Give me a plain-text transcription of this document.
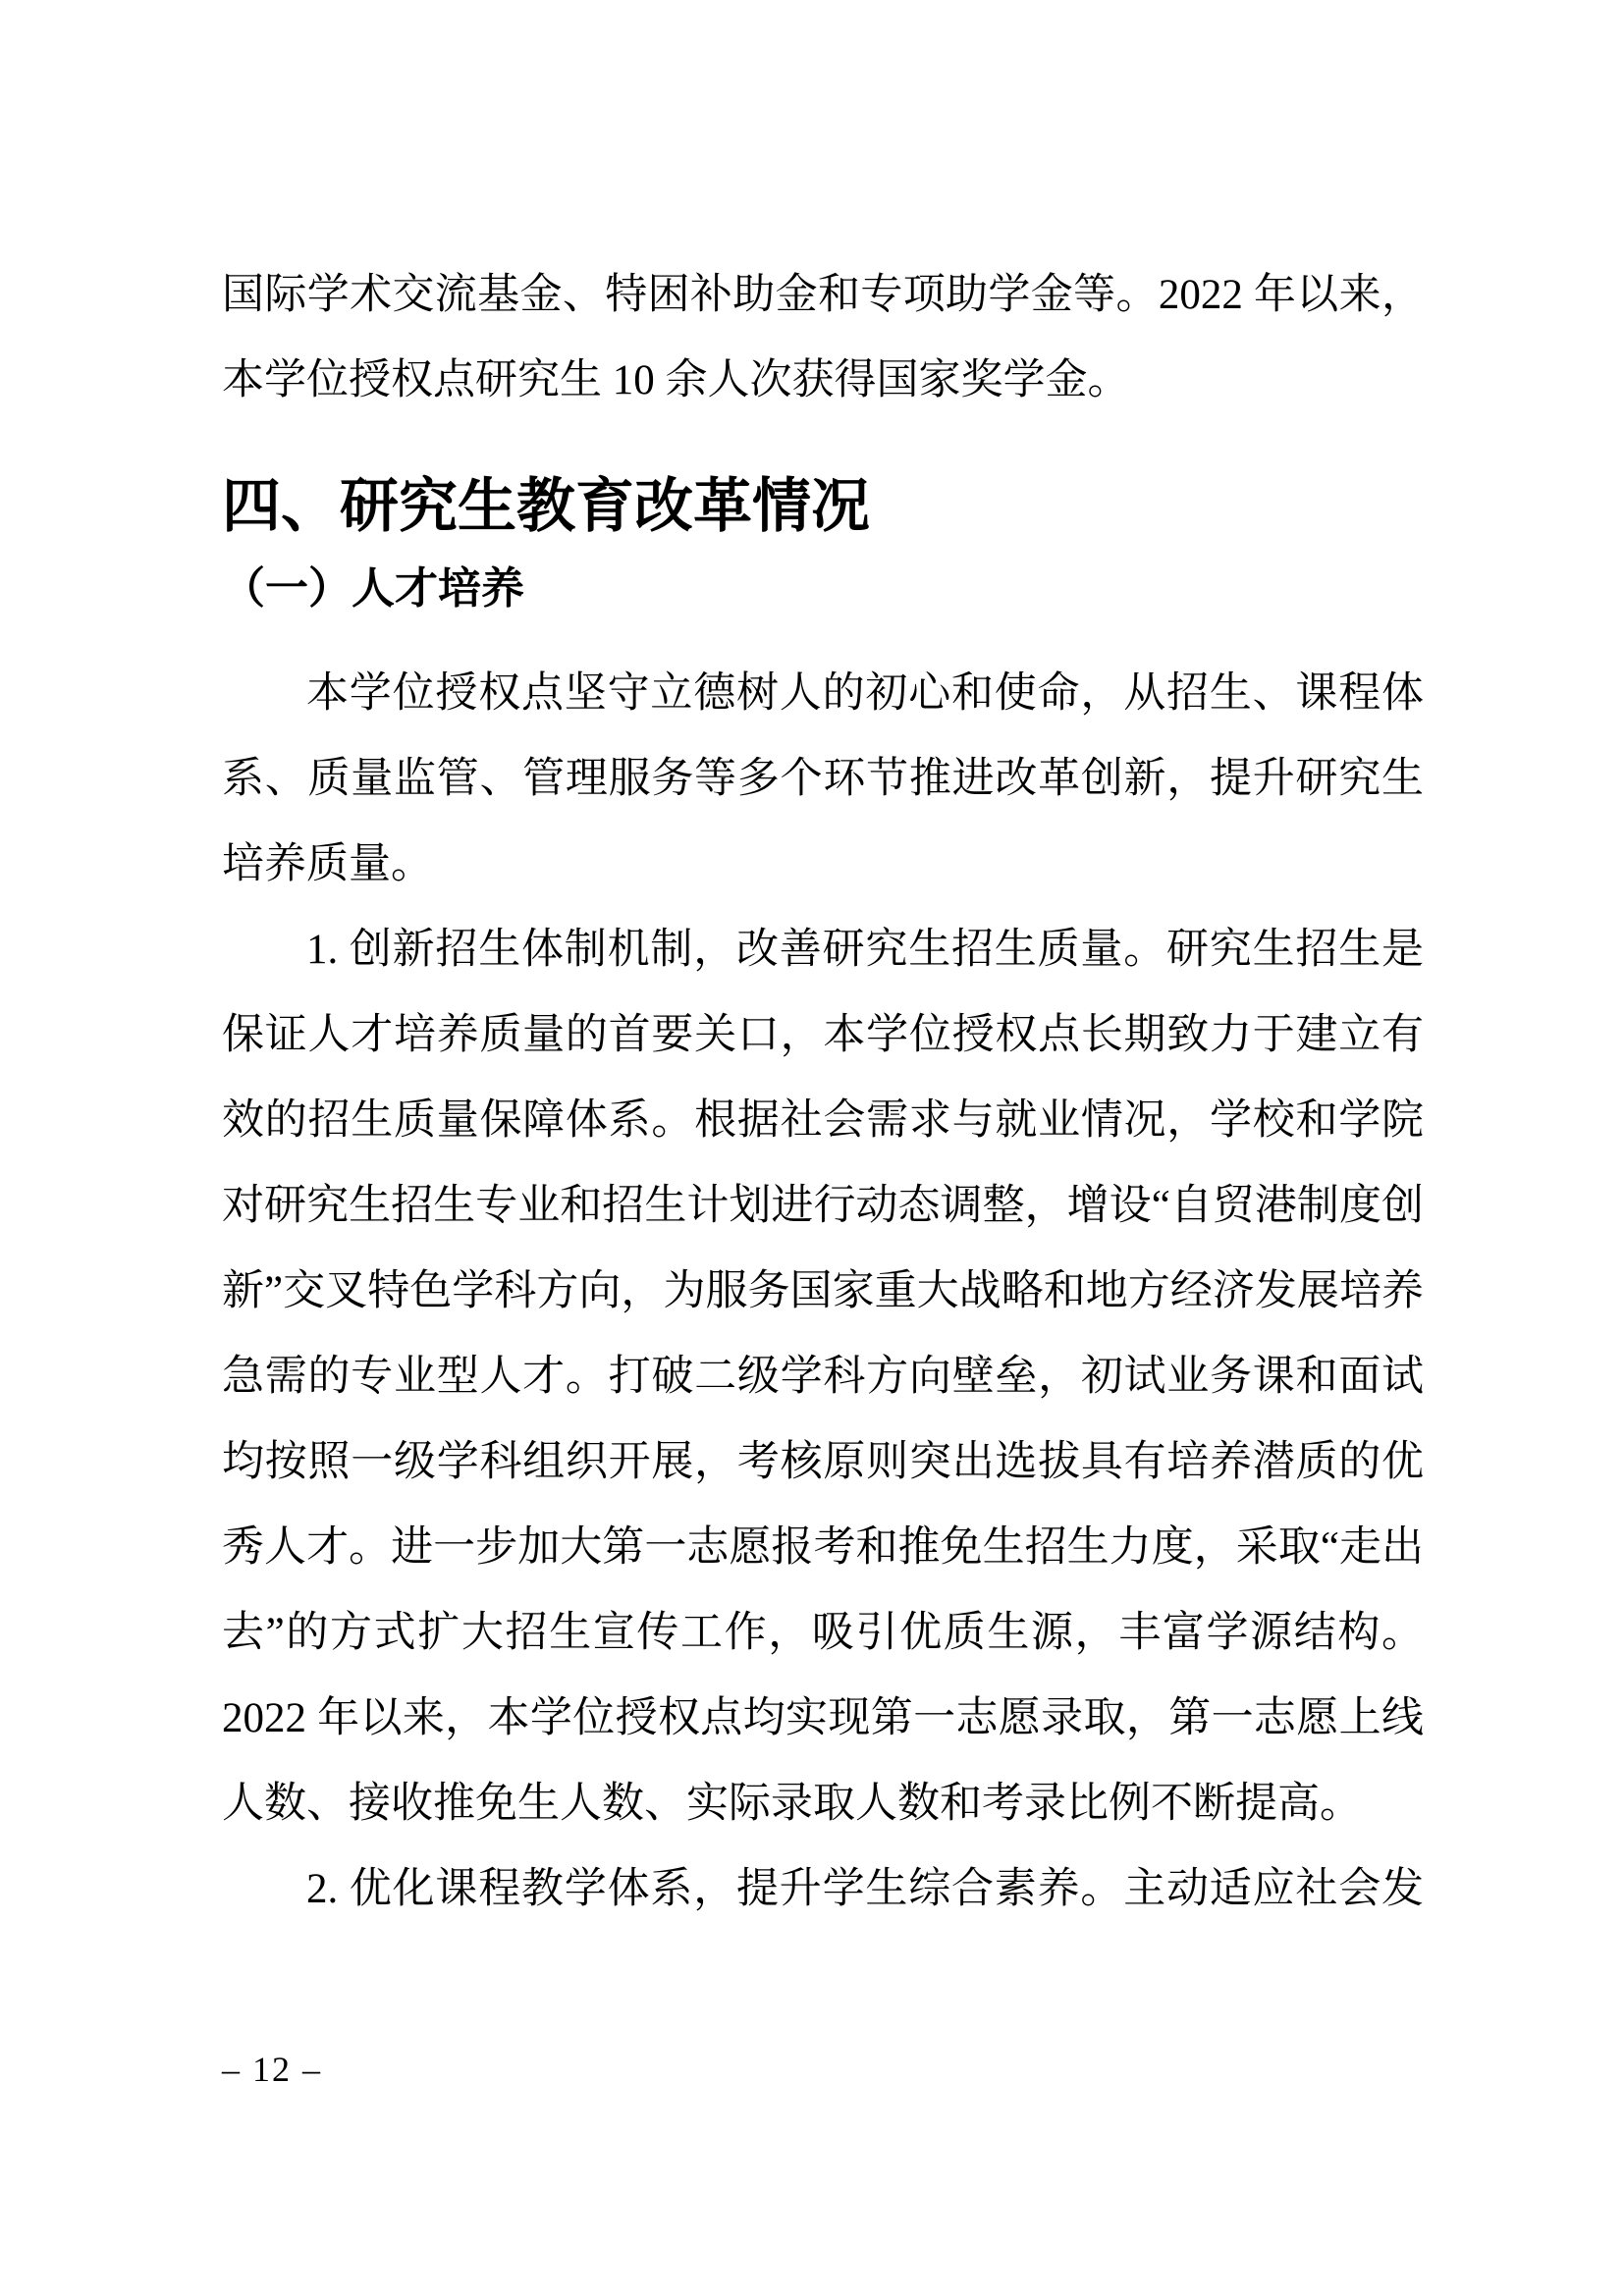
国际学术交流基金、特困补助金和专项助学金等。2022 年以来，本学位授权点研究生 10 余人次获得国家奖学金。

四、研究生教育改革情况
（一）人才培养

本学位授权点坚守立德树人的初心和使命，从招生、课程体系、质量监管、管理服务等多个环节推进改革创新，提升研究生培养质量。

1. 创新招生体制机制，改善研究生招生质量。研究生招生是保证人才培养质量的首要关口，本学位授权点长期致力于建立有效的招生质量保障体系。根据社会需求与就业情况，学校和学院对研究生招生专业和招生计划进行动态调整，增设“自贸港制度创新”交叉特色学科方向，为服务国家重大战略和地方经济发展培养急需的专业型人才。打破二级学科方向壁垒，初试业务课和面试均按照一级学科组织开展，考核原则突出选拔具有培养潜质的优秀人才。进一步加大第一志愿报考和推免生招生力度，采取“走出去”的方式扩大招生宣传工作，吸引优质生源，丰富学源结构。2022 年以来，本学位授权点均实现第一志愿录取，第一志愿上线人数、接收推免生人数、实际录取人数和考录比例不断提高。

2. 优化课程教学体系，提升学生综合素养。主动适应社会发

– 12 –
